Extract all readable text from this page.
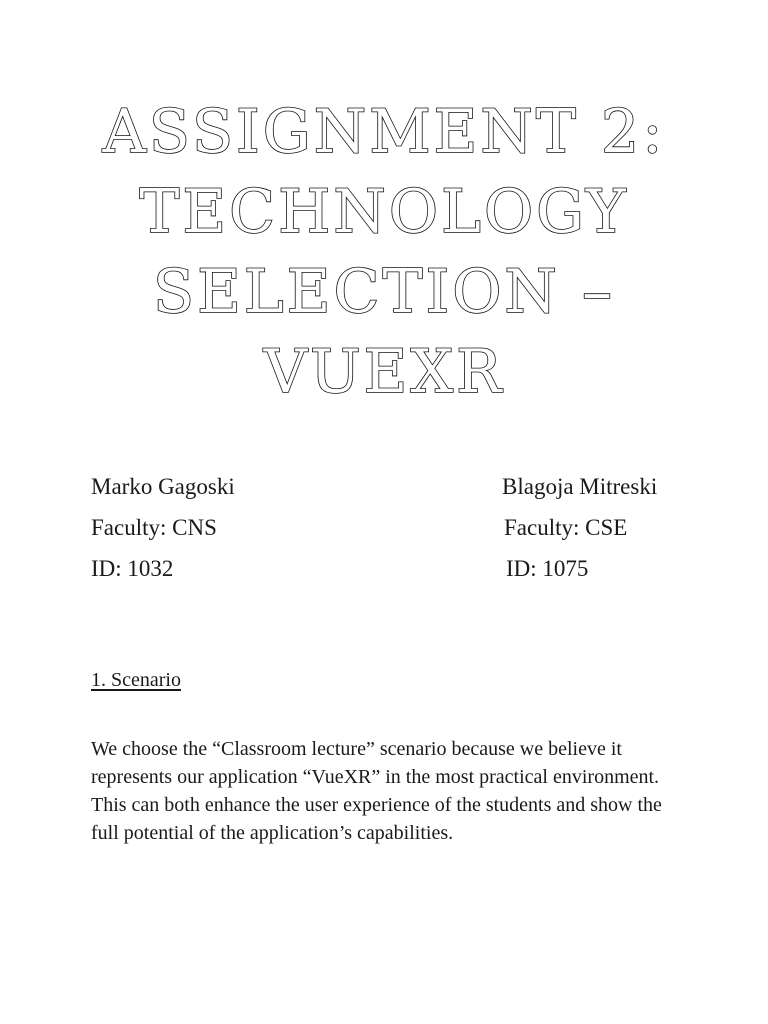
ASSIGNMENT 2:
TECHNOLOGY
SELECTION –
VUEXR
Marko Gagoski
Faculty: CNS
ID: 1032
Blagoja Mitreski
Faculty: CSE
ID: 1075
1. Scenario

We choose the “Classroom lecture” scenario because we believe it represents our application “VueXR” in the most practical environment. This can both enhance the user experience of the students and show the full potential of the application’s capabilities.
